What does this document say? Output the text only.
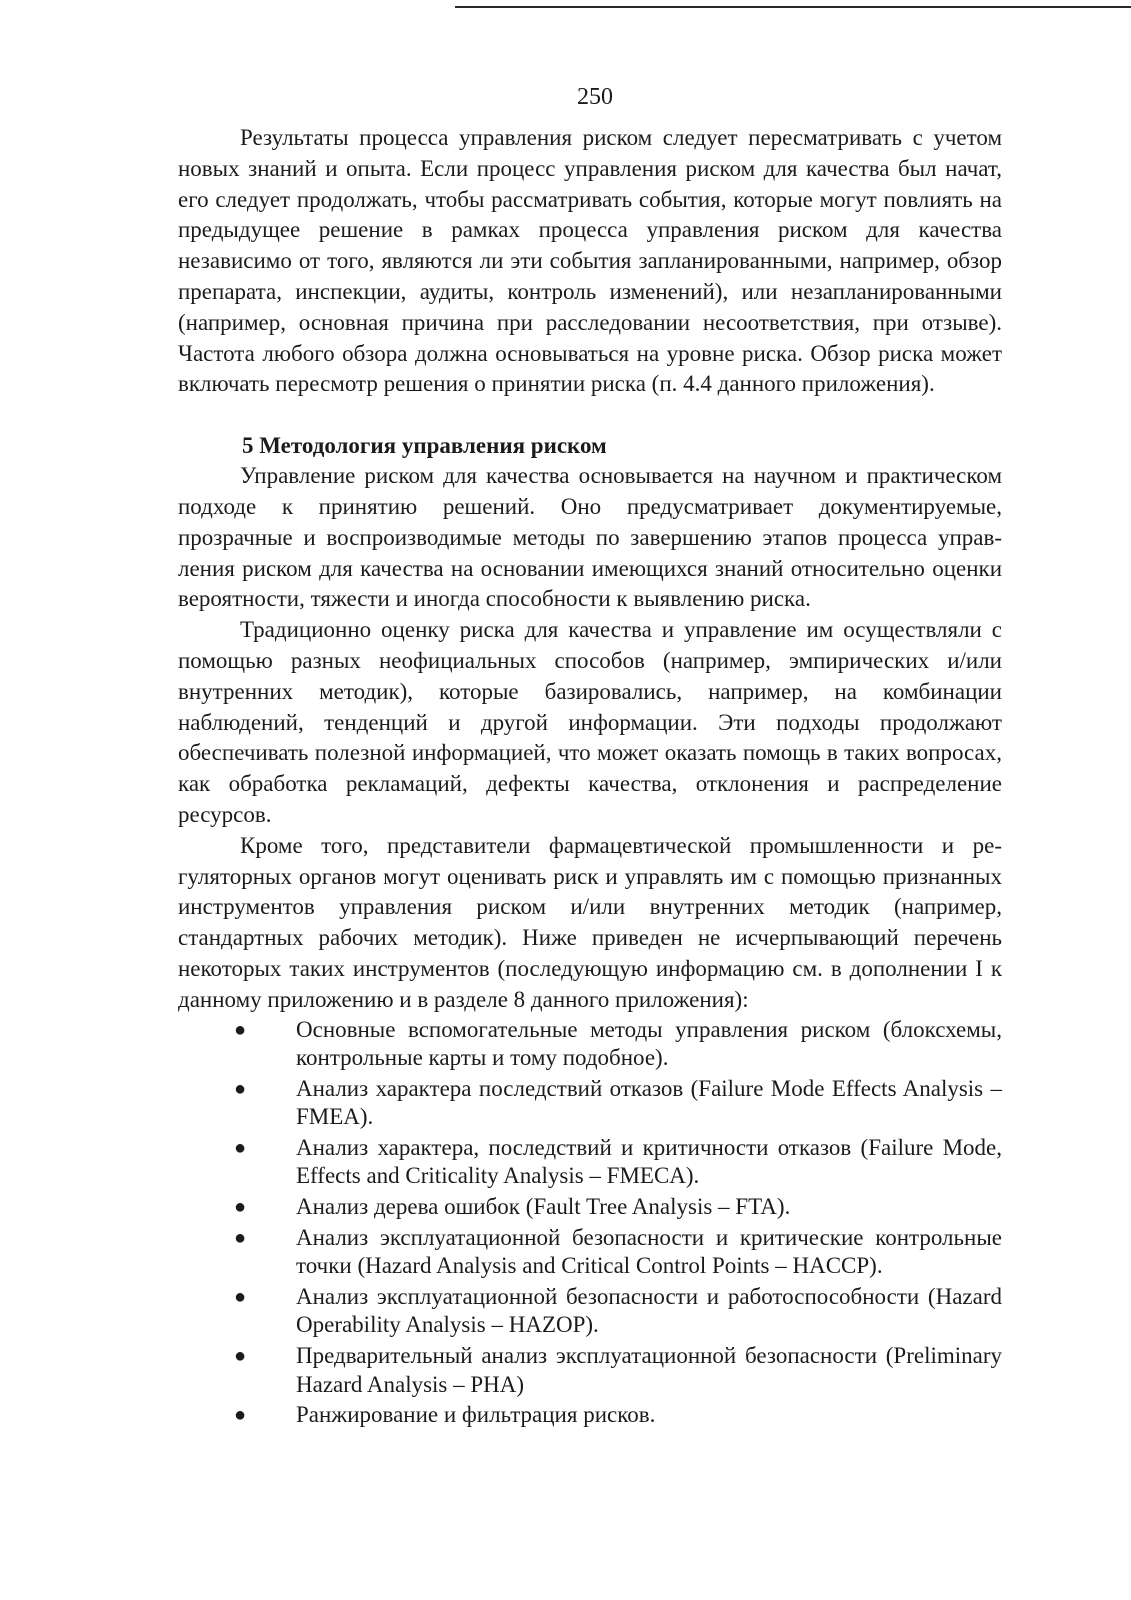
250

Результаты процесса управления риском следует пересматривать с учетом новых знаний и опыта. Если процесс управления риском для качества был начат, его следует продолжать, чтобы рассматривать события, которые могут повлиять на предыдущее решение в рамках процесса управления риском для качества независимо от того, являются ли эти события запланированными, например, обзор препарата, инспекции, аудиты, контроль изменений), или незапланированными (например, основная причина при расследовании несоответствия, при отзыве). Частота любого обзора должна основываться на уровне риска. Обзор риска может включать пересмотр решения о принятии риска (п. 4.4 данного приложения).

5 Методология управления риском

Управление риском для качества основывается на научном и практическом подходе к принятию решений. Оно предусматривает документируемые, прозрачные и воспроизводимые методы по завершению этапов процесса управления риском для качества на основании имеющихся знаний относительно оценки вероятности, тяжести и иногда способности к выявлению риска.

Традиционно оценку риска для качества и управление им осуществляли с помощью разных неофициальных способов (например, эмпирических и/или внутренних методик), которые базировались, например, на комбинации наблюдений, тенденций и другой информации. Эти подходы продолжают обеспечивать полезной информацией, что может оказать помощь в таких вопросах, как обработка рекламаций, дефекты качества, отклонения и распределение ресурсов.

Кроме того, представители фармацевтической промышленности и регуляторных органов могут оценивать риск и управлять им с помощью признанных инструментов управления риском и/или внутренних методик (например, стандартных рабочих методик). Ниже приведен не исчерпывающий перечень некоторых таких инструментов (последующую информацию см. в дополнении I к данному приложению и в разделе 8 данного приложения):

● Основные вспомогательные методы управления риском (блоксхемы, контрольные карты и тому подобное).
● Анализ характера последствий отказов (Failure Mode Effects Analysis – FMEA).
● Анализ характера, последствий и критичности отказов (Failure Mode, Effects and Criticality Analysis – FMECA).
● Анализ дерева ошибок (Fault Tree Analysis – FTA).
● Анализ эксплуатационной безопасности и критические контрольные точки (Hazard Analysis and Critical Control Points – HACCP).
● Анализ эксплуатационной безопасности и работоспособности (Hazard Operability Analysis – HAZOP).
● Предварительный анализ эксплуатационной безопасности (Preliminary Hazard Analysis – PHA)
● Ранжирование и фильтрация рисков.
